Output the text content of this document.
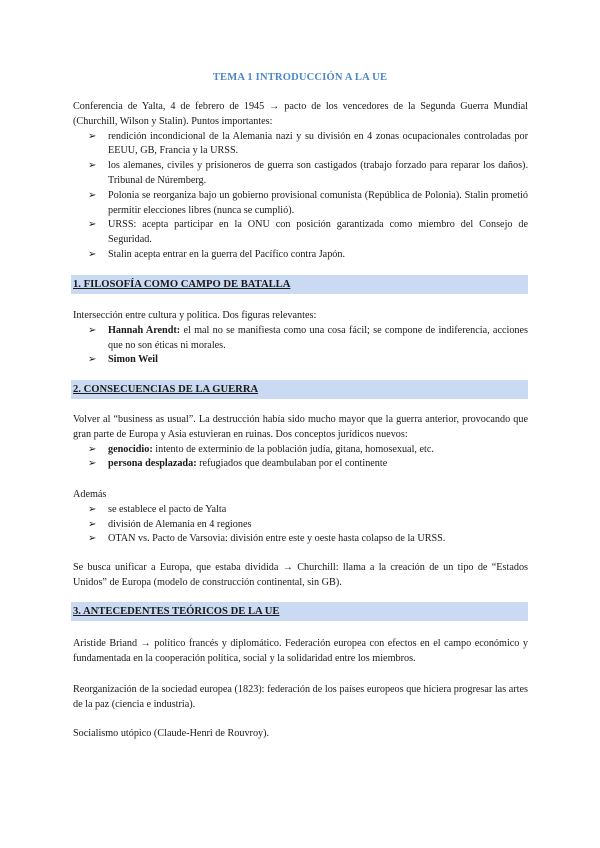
TEMA 1 INTRODUCCIÓN A LA UE

Conferencia de Yalta, 4 de febrero de 1945 → pacto de los vencedores de la Segunda Guerra Mundial (Churchill, Wilson y Stalin). Puntos importantes:

➢ rendición incondicional de la Alemania nazi y su división en 4 zonas ocupacionales controladas por EEUU, GB, Francia y la URSS.
➢ los alemanes, civiles y prisioneros de guerra son castigados (trabajo forzado para reparar los daños). Tribunal de Núremberg.
➢ Polonia se reorganiza bajo un gobierno provisional comunista (República de Polonia). Stalin prometió permitir elecciones libres (nunca se cumplió).
➢ URSS: acepta participar en la ONU con posición garantizada como miembro del Consejo de Seguridad.
➢ Stalin acepta entrar en la guerra del Pacífico contra Japón.
1. FILOSOFÍA COMO CAMPO DE BATALLA

Intersección entre cultura y política. Dos figuras relevantes:

➢ Hannah Arendt: el mal no se manifiesta como una cosa fácil; se compone de indiferencia, acciones que no son éticas ni morales.
➢ Simon Weil
2. CONSECUENCIAS DE LA GUERRA

Volver al “business as usual”. La destrucción había sido mucho mayor que la guerra anterior, provocando que gran parte de Europa y Asia estuvieran en ruinas. Dos conceptos jurídicos nuevos:

➢ genocidio: intento de exterminio de la población judía, gitana, homosexual, etc.
➢ persona desplazada: refugiados que deambulaban por el continente

Además

➢ se establece el pacto de Yalta
➢ división de Alemania en 4 regiones
➢ OTAN vs. Pacto de Varsovia: división entre este y oeste hasta colapso de la URSS.

Se busca unificar a Europa, que estaba dividida → Churchill: llama a la creación de un tipo de “Estados Unidos” de Europa (modelo de construcción continental, sin GB).

3. ANTECEDENTES TEÓRICOS DE LA UE

Aristide Briand → político francés y diplomático. Federación europea con efectos en el campo económico y fundamentada en la cooperación política, social y la solidaridad entre los miembros.

Reorganización de la sociedad europea (1823): federación de los países europeos que hiciera progresar las artes de la paz (ciencia e industria).

Socialismo utópico (Claude-Henri de Rouvroy).
